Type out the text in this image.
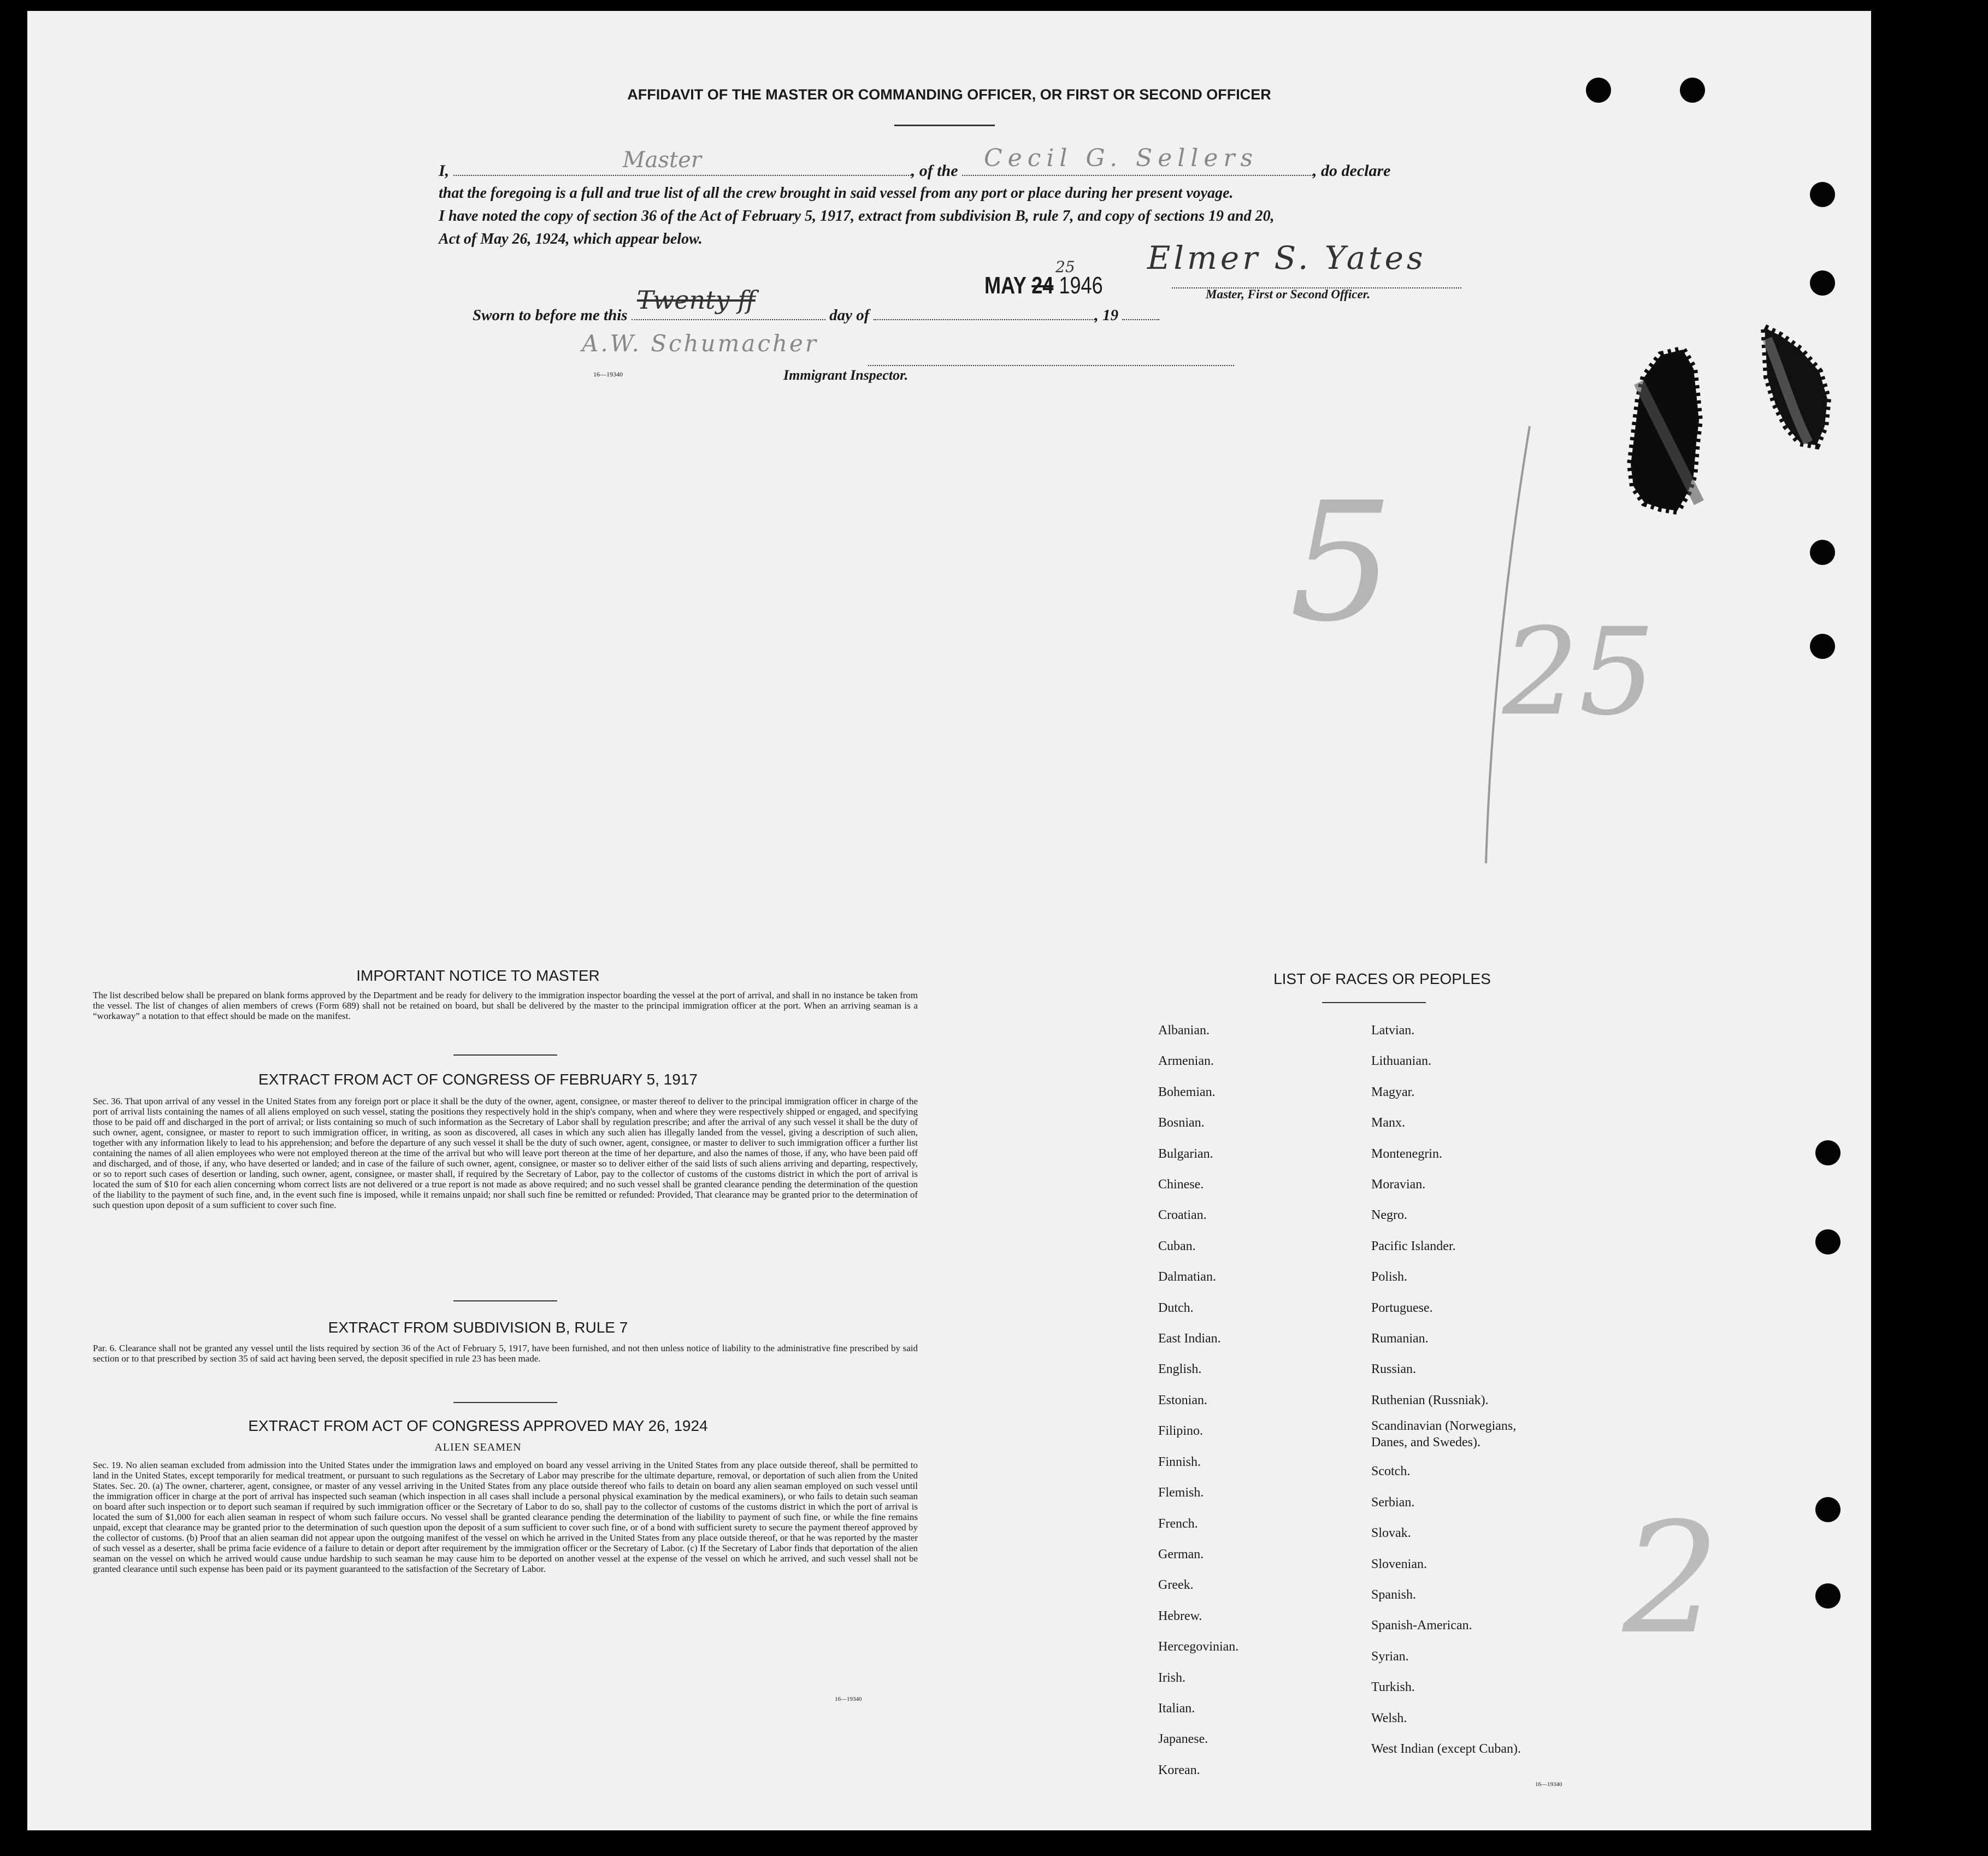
AFFIDAVIT OF THE MASTER OR COMMANDING OFFICER, OR FIRST OR SECOND OFFICER
I,	Master	, of the Cecil G. Sellers	, do declare
that the foregoing is a full and true list of all the crew brought in said vessel from any port or place during her present voyage.
I have noted the copy of section 36 of the Act of February 5, 1917, extract from subdivision B, rule 7, and copy of sections 19 and 20,
Act of May 26, 1924, which appear below.
Sworn to before me this
Twenty ff
day of	, 19
MAY 24 1946
25
Elmer S. Yates
Master, First or Second Officer.
A.W. Schumacher
16—19340	Immigrant Inspector.
5
25
2
IMPORTANT NOTICE TO MASTER
The list described below shall be prepared on blank forms approved by the Department and be ready for delivery to the immigration inspector boarding the vessel at the port of arrival, and shall in no instance be taken from the vessel. The list of changes of alien members of crews (Form 689) shall not be retained on board, but shall be delivered by the master to the principal immigration officer at the port. When an arriving seaman is a “workaway” a notation to that effect should be made on the manifest.
EXTRACT FROM ACT OF CONGRESS OF FEBRUARY 5, 1917
Sec. 36. That upon arrival of any vessel in the United States from any foreign port or place it shall be the duty of the owner, agent, consignee, or master thereof to deliver to the principal immigration officer in charge of the port of arrival lists containing the names of all aliens employed on such vessel, stating the positions they respectively hold in the ship's company, when and where they were respectively shipped or engaged, and specifying those to be paid off and discharged in the port of arrival; or lists containing so much of such information as the Secretary of Labor shall by regulation prescribe; and after the arrival of any such vessel it shall be the duty of such owner, agent, consignee, or master to report to such immigration officer, in writing, as soon as discovered, all cases in which any such alien has illegally landed from the vessel, giving a description of such alien, together with any information likely to lead to his apprehension; and before the departure of any such vessel it shall be the duty of such owner, agent, consignee, or master to deliver to such immigration officer a further list containing the names of all alien employees who were not employed thereon at the time of the arrival but who will leave port thereon at the time of her departure, and also the names of those, if any, who have been paid off and discharged, and of those, if any, who have deserted or landed; and in case of the failure of such owner, agent, consignee, or master so to deliver either of the said lists of such aliens arriving and departing, respectively, or so to report such cases of desertion or landing, such owner, agent, consignee, or master shall, if required by the Secretary of Labor, pay to the collector of customs of the customs district in which the port of arrival is located the sum of $10 for each alien concerning whom correct lists are not delivered or a true report is not made as above required; and no such vessel shall be granted clearance pending the determination of the question of the liability to the payment of such fine, and, in the event such fine is imposed, while it remains unpaid; nor shall such fine be remitted or refunded: Provided, That clearance may be granted prior to the determination of such question upon deposit of a sum sufficient to cover such fine.
EXTRACT FROM SUBDIVISION B, RULE 7
Par. 6. Clearance shall not be granted any vessel until the lists required by section 36 of the Act of February 5, 1917, have been furnished, and not then unless notice of liability to the administrative fine prescribed by said section or to that prescribed by section 35 of said act having been served, the deposit specified in rule 23 has been made.
EXTRACT FROM ACT OF CONGRESS APPROVED MAY 26, 1924
ALIEN SEAMEN
Sec. 19. No alien seaman excluded from admission into the United States under the immigration laws and employed on board any vessel arriving in the United States from any place outside thereof, shall be permitted to land in the United States, except temporarily for medical treatment, or pursuant to such regulations as the Secretary of Labor may prescribe for the ultimate departure, removal, or deportation of such alien from the United States. Sec. 20. (a) The owner, charterer, agent, consignee, or master of any vessel arriving in the United States from any place outside thereof who fails to detain on board any alien seaman employed on such vessel until the immigration officer in charge at the port of arrival has inspected such seaman (which inspection in all cases shall include a personal physical examination by the medical examiners), or who fails to detain such seaman on board after such inspection or to deport such seaman if required by such immigration officer or the Secretary of Labor to do so, shall pay to the collector of customs of the customs district in which the port of arrival is located the sum of $1,000 for each alien seaman in respect of whom such failure occurs. No vessel shall be granted clearance pending the determination of the liability to payment of such fine, or while the fine remains unpaid, except that clearance may be granted prior to the determination of such question upon the deposit of a sum sufficient to cover such fine, or of a bond with sufficient surety to secure the payment thereof approved by the collector of customs. (b) Proof that an alien seaman did not appear upon the outgoing manifest of the vessel on which he arrived in the United States from any place outside thereof, or that he was reported by the master of such vessel as a deserter, shall be prima facie evidence of a failure to detain or deport after requirement by the immigration officer or the Secretary of Labor. (c) If the Secretary of Labor finds that deportation of the alien seaman on the vessel on which he arrived would cause undue hardship to such seaman he may cause him to be deported on another vessel at the expense of the vessel on which he arrived, and such vessel shall not be granted clearance until such expense has been paid or its payment guaranteed to the satisfaction of the Secretary of Labor.
16—19340
LIST OF RACES OR PEOPLES
Albanian.
Armenian.
Bohemian.
Bosnian.
Bulgarian.
Chinese.
Croatian.
Cuban.
Dalmatian.
Dutch.
East Indian.
English.
Estonian.
Filipino.
Finnish.
Flemish.
French.
German.
Greek.
Hebrew.
Hercegovinian.
Irish.
Italian.
Japanese.
Korean.
Latvian.
Lithuanian.
Magyar.
Manx.
Montenegrin.
Moravian.
Negro.
Pacific Islander.
Polish.
Portuguese.
Rumanian.
Russian.
Ruthenian (Russniak).
Scandinavian (Norwegians,
Danes, and Swedes).
Scotch.
Serbian.
Slovak.
Slovenian.
Spanish.
Spanish-American.
Syrian.
Turkish.
Welsh.
West Indian (except Cuban).
16—19340
